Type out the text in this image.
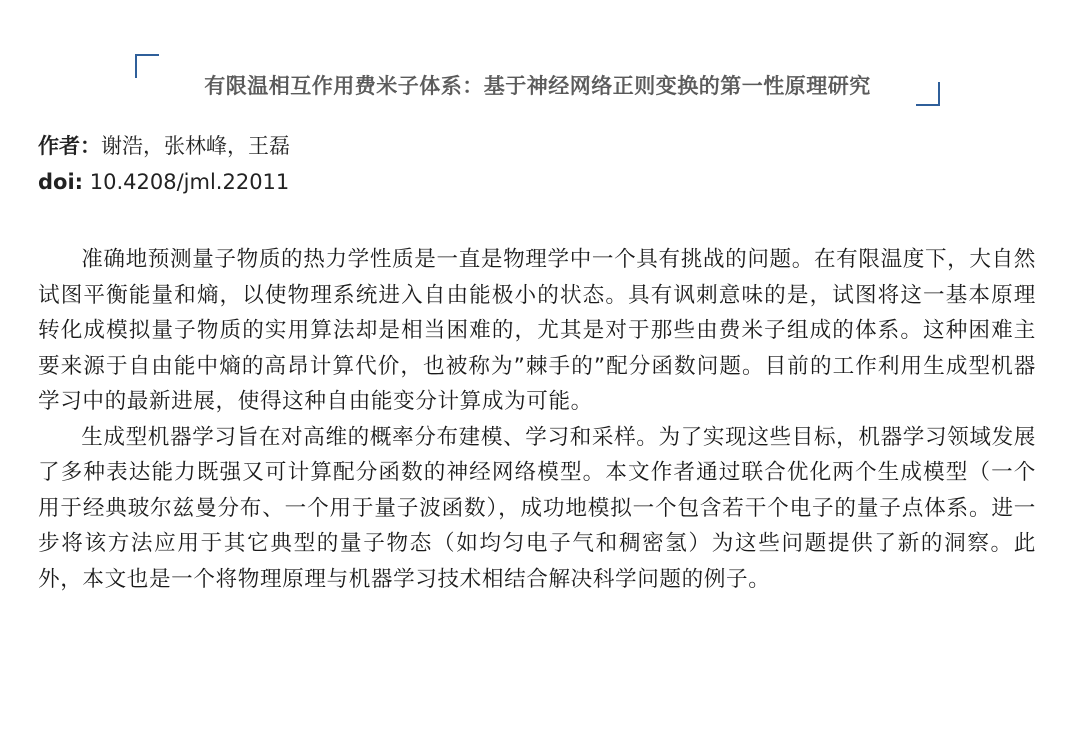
有限温相互作用费米子体系：基于神经网络正则变换的第一性原理研究
作者：谢浩，张林峰，王磊
doi: 10.4208/jml.22011

准确地预测量子物质的热力学性质是一直是物理学中一个具有挑战的问题。在有限温度下，大自然试图平衡能量和熵，以使物理系统进入自由能极小的状态。具有讽刺意味的是，试图将这一基本原理转化成模拟量子物质的实用算法却是相当困难的，尤其是对于那些由费米子组成的体系。这种困难主要来源于自由能中熵的高昂计算代价，也被称为”棘手的”配分函数问题。目前的工作利用生成型机器学习中的最新进展，使得这种自由能变分计算成为可能。

生成型机器学习旨在对高维的概率分布建模、学习和采样。为了实现这些目标，机器学习领域发展了多种表达能力既强又可计算配分函数的神经网络模型。本文作者通过联合优化两个生成模型（一个用于经典玻尔兹曼分布、一个用于量子波函数），成功地模拟一个包含若干个电子的量子点体系。进一步将该方法应用于其它典型的量子物态（如均匀电子气和稠密氢）为这些问题提供了新的洞察。此外，本文也是一个将物理原理与机器学习技术相结合解决科学问题的例子。
